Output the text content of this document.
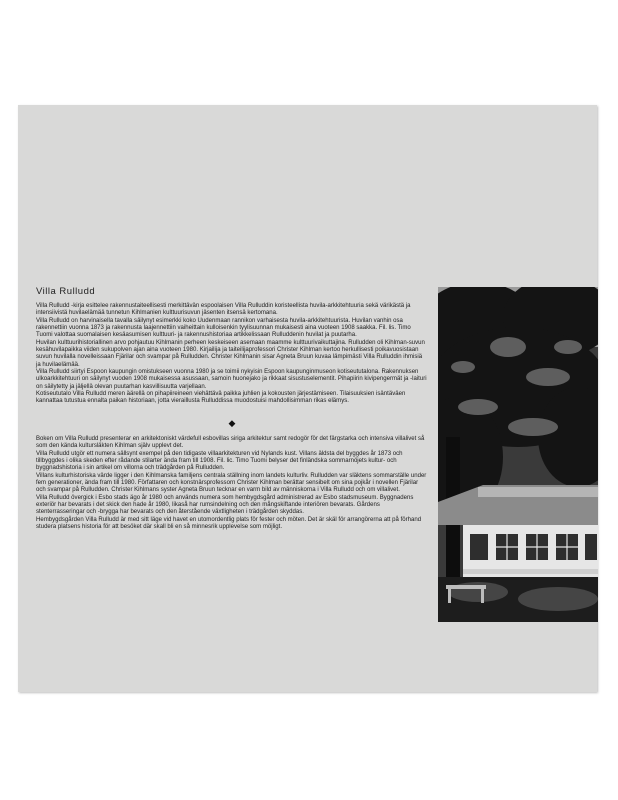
Villa Rulludd

Villa Rulludd -kirja esittelee rakennustaiteellisesti merkittävän espoolaisen Villa Rulluddin koristeellista huvila-arkkitehtuuria sekä värikästä ja intensiivistä huvilaelämää tunnetun Kihlmanien kulttuurisuvun jäsenten itsensä kertomana.

Villa Rulludd on harvinaisella tavalla säilynyt esimerkki koko Uudenmaan rannikon varhaisesta huvila-arkkitehtuurista. Huvilan vanhin osa rakennettiin vuonna 1873 ja rakennusta laajennettiin vaiheittain kulloisenkin tyylisuunnan mukaisesti aina vuoteen 1908 saakka. Fil. lis. Timo Tuomi valottaa suomalaisen kesäasumisen kulttuuri- ja rakennushistoriaa artikkelissaan Rulluddenin huvilat ja puutarha.

Huvilan kulttuurihistoriallinen arvo pohjautuu Kihlmanin perheen keskeiseen asemaan maamme kulttuurivaikuttajina. Rulludden oli Kihlman-suvun kesähuvilapaikka viiden sukupolven ajan aina vuoteen 1980. Kirjailija ja taiteilijaprofessori Christer Kihlman kertoo herkullisesti poikavuosistaan suvun huvilalla novelleissaan Fjärilar och svampar på Rulludden. Christer Kihlmanin sisar Agneta Bruun kuvaa lämpimästi Villa Rulluddin ihmisiä ja huvilaelämää.

Villa Rulludd siirtyi Espoon kaupungin omistukseen vuonna 1980 ja se toimii nykyisin Espoon kaupunginmuseon kotiseututalona. Rakennuksen ulkoarkkitehtuuri on säilynyt vuoden 1908 mukaisessa asussaan, samoin huonejako ja rikkaat sisustuselementit. Pihapiirin kivipengermät ja -laituri on säilytetty ja jäljellä olevan puutarhan kasvillisuutta varjellaan.

Kotiseututalo Villa Rulludd meren äärellä on pihapiireineen viehättävä paikka juhlien ja kokousten järjestämiseen. Tilaisuuksien isäntäväen kannattaa tutustua ennalta paikan historiaan, jotta vieraillusta Rulluddissa muodostuisi mahdollisimman rikas elämys.

◆

Boken om Villa Rulludd presenterar en arkitektoniskt värdefull esbovillas siriga arkitektur samt redogör för det färgstarka och intensiva villalivet så som den kända kultursläkten Kihlman själv upplevt det.

Villa Rulludd utgör ett numera sällsynt exempel på den tidigaste villaarkitekturen vid Nylands kust. Villans äldsta del byggdes år 1873 och tillbyggdes i olika skeden efter rådande stilarter ända fram till 1908. Fil. lic. Timo Tuomi belyser det finländska sommarnöjets kultur- och byggnadshistoria i sin artikel om villorna och trädgården på Rulludden.

Villans kulturhistoriska värde ligger i den Kihlmanska familjens centrala ställning inom landets kulturliv. Rulludden var släktens sommarställe under fem generationer, ända fram till 1980. Författaren och konstnärsprofessorn Christer Kihlman berättar sensibelt om sina pojkår i novellen Fjärilar och svampar på Rulludden. Christer Kihlmans syster Agneta Bruun tecknar en varm bild av människorna i Villa Rulludd och om villalivet.

Villa Rulludd övergick i Esbo stads ägo år 1980 och används numera som hembygdsgård administrerad av Esbo stadsmuseum. Byggnadens exteriör har bevarats i det skick den hade år 1980, likaså har rumsindelning och den mångskiftande interiören bevarats. Gårdens stenterrasseringar och -brygga har bevarats och den återstående växtligheten i trädgården skyddas.

Hembygdsgården Villa Rulludd är med sitt läge vid havet en utomordentlig plats för fester och möten. Det är skäl för arrangörerna att på förhand studera platsens historia för att besöket där skall bli en så minnesrik upplevelse som möjligt.
